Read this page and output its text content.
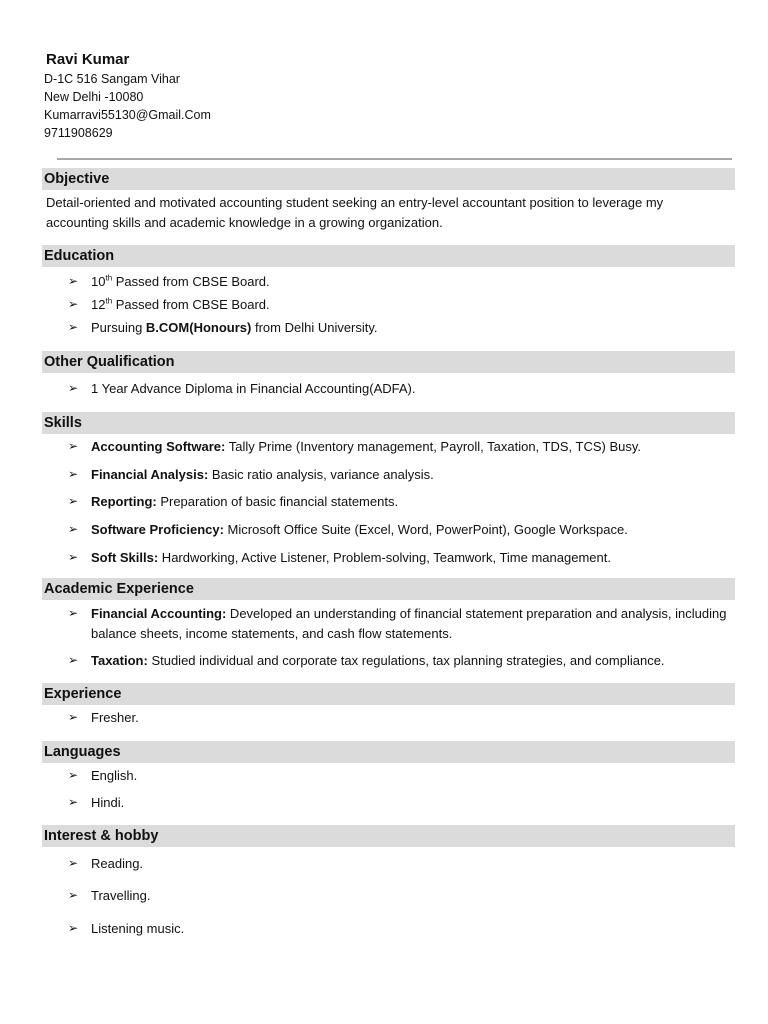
Ravi Kumar
D-1C 516 Sangam Vihar
New Delhi -10080
Kumarravi55130@Gmail.Com
9711908629
Objective
Detail-oriented and motivated accounting student seeking an entry-level accountant position to leverage my accounting skills and academic knowledge in a growing organization.
Education
➢ 10th Passed from CBSE Board.
➢ 12th Passed from CBSE Board.
➢ Pursuing B.COM(Honours) from Delhi University.
Other Qualification
➢ 1 Year Advance Diploma in Financial Accounting(ADFA).
Skills
➢ Accounting Software: Tally Prime (Inventory management, Payroll, Taxation, TDS, TCS) Busy.
➢ Financial Analysis: Basic ratio analysis, variance analysis.
➢ Reporting: Preparation of basic financial statements.
➢ Software Proficiency: Microsoft Office Suite (Excel, Word, PowerPoint), Google Workspace.
➢ Soft Skills: Hardworking, Active Listener, Problem-solving, Teamwork, Time management.
Academic Experience
➢ Financial Accounting: Developed an understanding of financial statement preparation and analysis, including balance sheets, income statements, and cash flow statements.
➢ Taxation: Studied individual and corporate tax regulations, tax planning strategies, and compliance.
Experience
➢ Fresher.
Languages
➢ English.
➢ Hindi.
Interest & hobby
➢ Reading.
➢ Travelling.
➢ Listening music.
